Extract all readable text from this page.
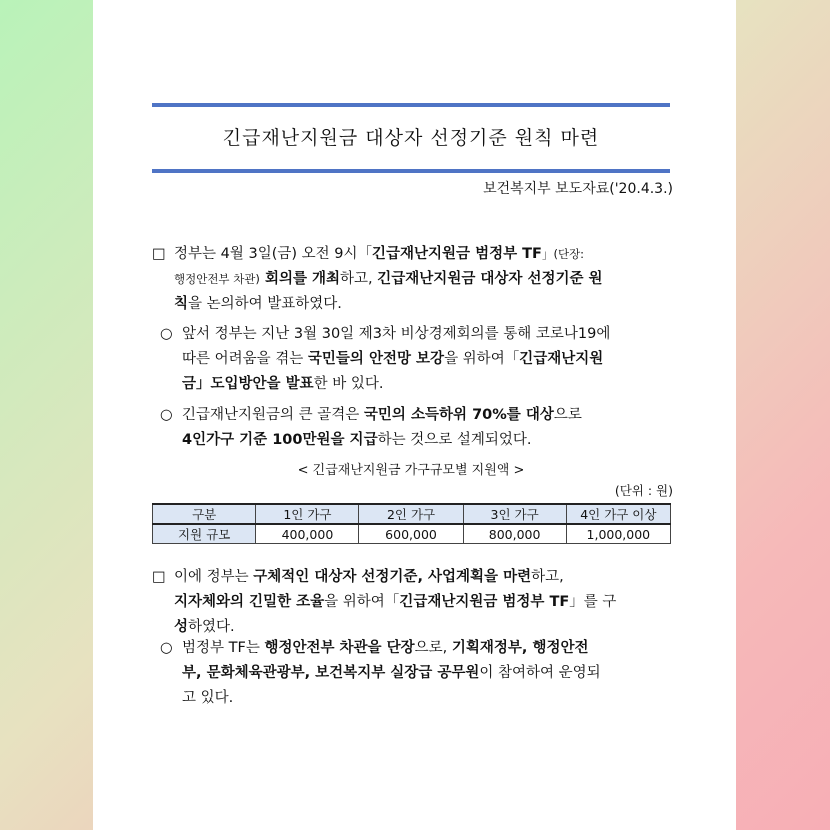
긴급재난지원금 대상자 선정기준 원칙 마련
보건복지부 보도자료('20.4.3.)
□ 정부는 4월 3일(금) 오전 9시「긴급재난지원금 범정부 TF」(단장:
행정안전부 차관) 회의를 개최하고, 긴급재난지원금 대상자 선정기준 원
칙을 논의하여 발표하였다.
○ 앞서 정부는 지난 3월 30일 제3차 비상경제회의를 통해 코로나19에
따른 어려움을 겪는 국민들의 안전망 보강을 위하여「긴급재난지원
금」도입방안을 발표한 바 있다.
○ 긴급재난지원금의 큰 골격은 국민의 소득하위 70%를 대상으로
4인가구 기준 100만원을 지급하는 것으로 설계되었다.
< 긴급재난지원금 가구규모별 지원액 >
(단위 : 원)
구분	1인 가구	2인 가구	3인 가구	4인 가구 이상
지원 규모	400,000	600,000	800,000	1,000,000
□ 이에 정부는 구체적인 대상자 선정기준, 사업계획을 마련하고,
지자체와의 긴밀한 조율을 위하여「긴급재난지원금 범정부 TF」를 구
성하였다.
○ 범정부 TF는 행정안전부 차관을 단장으로, 기획재정부, 행정안전
부, 문화체육관광부, 보건복지부 실장급 공무원이 참여하여 운영되
고 있다.
